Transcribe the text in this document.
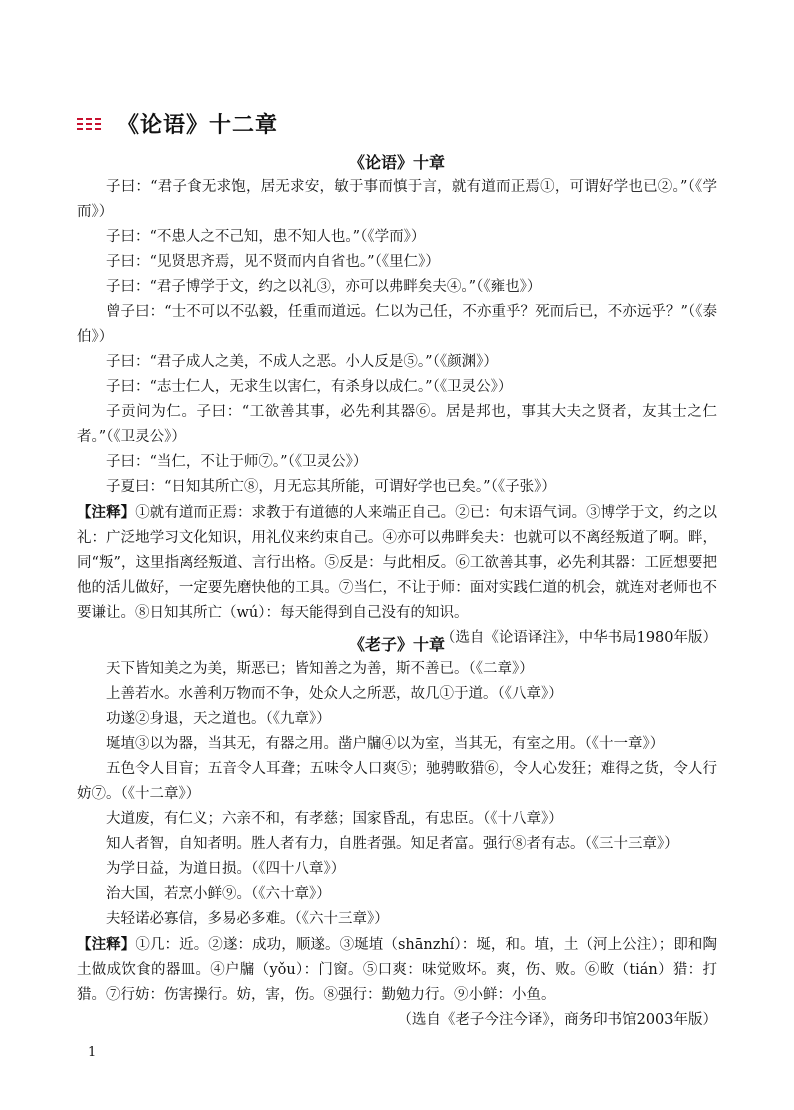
《论语》十二章
《论语》十章

子曰：“君子食无求饱，居无求安，敏于事而慎于言，就有道而正焉①，可谓好学也已②。”（《学而》）

子曰：“不患人之不己知，患不知人也。”（《学而》）

子曰：“见贤思齐焉，见不贤而内自省也。”（《里仁》）

子曰：“君子博学于文，约之以礼③，亦可以弗畔矣夫④。”（《雍也》）

曾子曰：“士不可以不弘毅，任重而道远。仁以为己任，不亦重乎？死而后已，不亦远乎？”（《泰伯》）

子曰：“君子成人之美，不成人之恶。小人反是⑤。”（《颜渊》）

子曰：“志士仁人，无求生以害仁，有杀身以成仁。”（《卫灵公》）

子贡问为仁。子曰：“工欲善其事，必先利其器⑥。居是邦也，事其大夫之贤者，友其士之仁者。”（《卫灵公》）

子曰：“当仁，不让于师⑦。”（《卫灵公》）

子夏曰：“日知其所亡⑧，月无忘其所能，可谓好学也已矣。”（《子张》）

【注释】①就有道而正焉：求教于有道德的人来端正自己。②已：句末语气词。③博学于文，约之以礼：广泛地学习文化知识，用礼仪来约束自己。④亦可以弗畔矣夫：也就可以不离经叛道了啊。畔，同“叛”，这里指离经叛道、言行出格。⑤反是：与此相反。⑥工欲善其事，必先利其器：工匠想要把他的活儿做好，一定要先磨快他的工具。⑦当仁，不让于师：面对实践仁道的机会，就连对老师也不要谦让。⑧日知其所亡（wú）：每天能得到自己没有的知识。

（选自《论语译注》，中华书局1980年版）

《老子》十章

天下皆知美之为美，斯恶已；皆知善之为善，斯不善已。（《二章》）

上善若水。水善利万物而不争，处众人之所恶，故几①于道。（《八章》）

功遂②身退，天之道也。（《九章》）

埏埴③以为器，当其无，有器之用。凿户牖④以为室，当其无，有室之用。（《十一章》）

五色令人目盲；五音令人耳聋；五味令人口爽⑤；驰骋畋猎⑥，令人心发狂；难得之货，令人行妨⑦。（《十二章》）

大道废，有仁义；六亲不和，有孝慈；国家昏乱，有忠臣。（《十八章》）

知人者智，自知者明。胜人者有力，自胜者强。知足者富。强行⑧者有志。（《三十三章》）

为学日益，为道日损。（《四十八章》）

治大国，若烹小鲜⑨。（《六十章》）

夫轻诺必寡信，多易必多难。（《六十三章》）

【注释】①几：近。②遂：成功，顺遂。③埏埴（shānzhí）：埏，和。埴，土（河上公注）；即和陶土做成饮食的器皿。④户牖（yǒu）：门窗。⑤口爽：味觉败坏。爽，伤、败。⑥畋（tián）猎：打猎。⑦行妨：伤害操行。妨，害，伤。⑧强行：勤勉力行。⑨小鲜：小鱼。

（选自《老子今注今译》，商务印书馆2003年版）

1
